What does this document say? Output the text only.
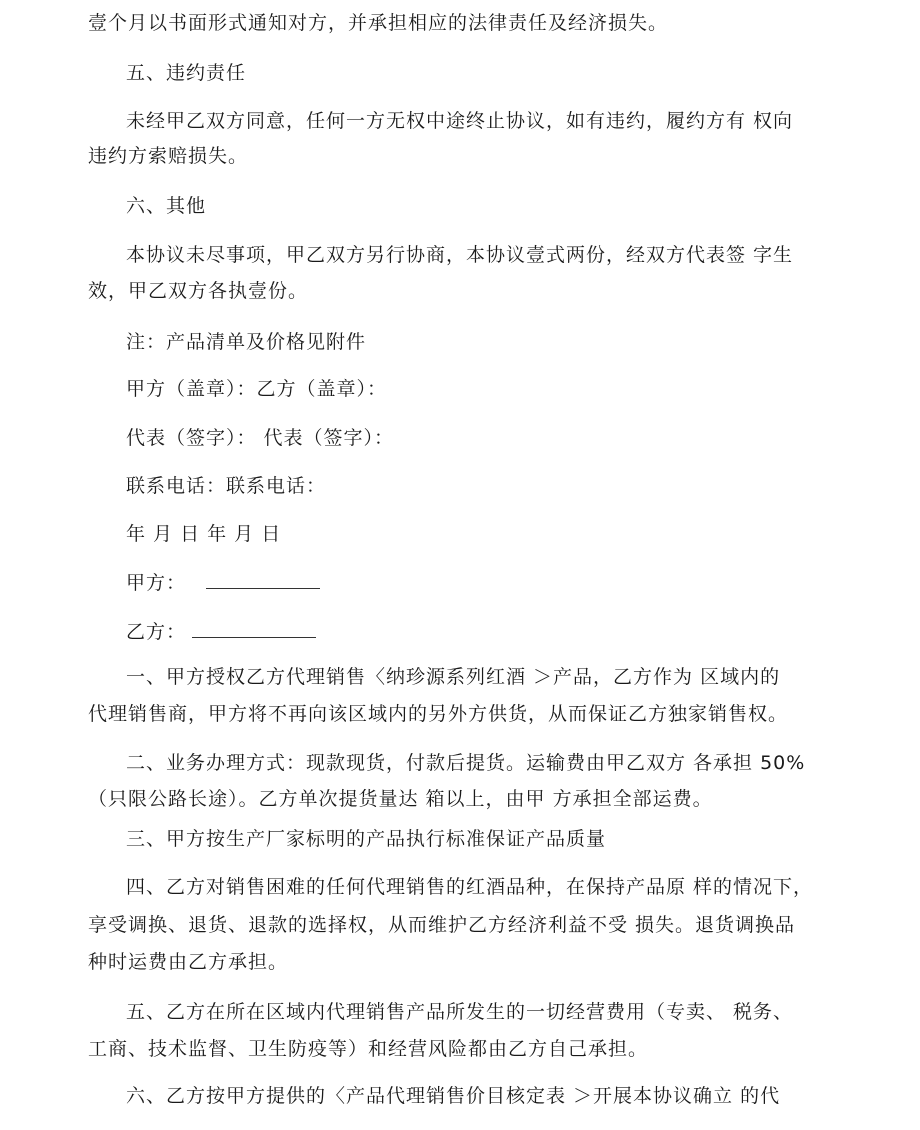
壹个月以书面形式通知对方，并承担相应的法律责任及经济损失。
五、违约责任
未经甲乙双方同意，任何一方无权中途终止协议，如有违约，履约方有 权向
违约方索赔损失。
六、其他
本协议未尽事项，甲乙双方另行协商，本协议壹式两份，经双方代表签 字生
效，甲乙双方各执壹份。
注：产品清单及价格见附件
甲方（盖章）：乙方（盖章）：
代表（签字）： 代表（签字）：
联系电话：联系电话：
年 月 日 年 月 日
甲方：
乙方：
一、甲方授权乙方代理销售〈纳珍源系列红酒 ＞产品，乙方作为 区域内的
代理销售商，甲方将不再向该区域内的另外方供货，从而保证乙方独家销售权。
二、业务办理方式：现款现货，付款后提货。运输费由甲乙双方 各承担 50%
（只限公路长途）。乙方单次提货量达 箱以上，由甲 方承担全部运费。
三、甲方按生产厂家标明的产品执行标准保证产品质量
四、乙方对销售困难的任何代理销售的红酒品种，在保持产品原 样的情况下，
享受调换、退货、退款的选择权，从而维护乙方经济利益不受 损失。退货调换品
种时运费由乙方承担。
五、乙方在所在区域内代理销售产品所发生的一切经营费用（专卖、 税务、
工商、技术监督、卫生防疫等）和经营风险都由乙方自己承担。
六、乙方按甲方提供的〈产品代理销售价目核定表 ＞开展本协议确立 的代
